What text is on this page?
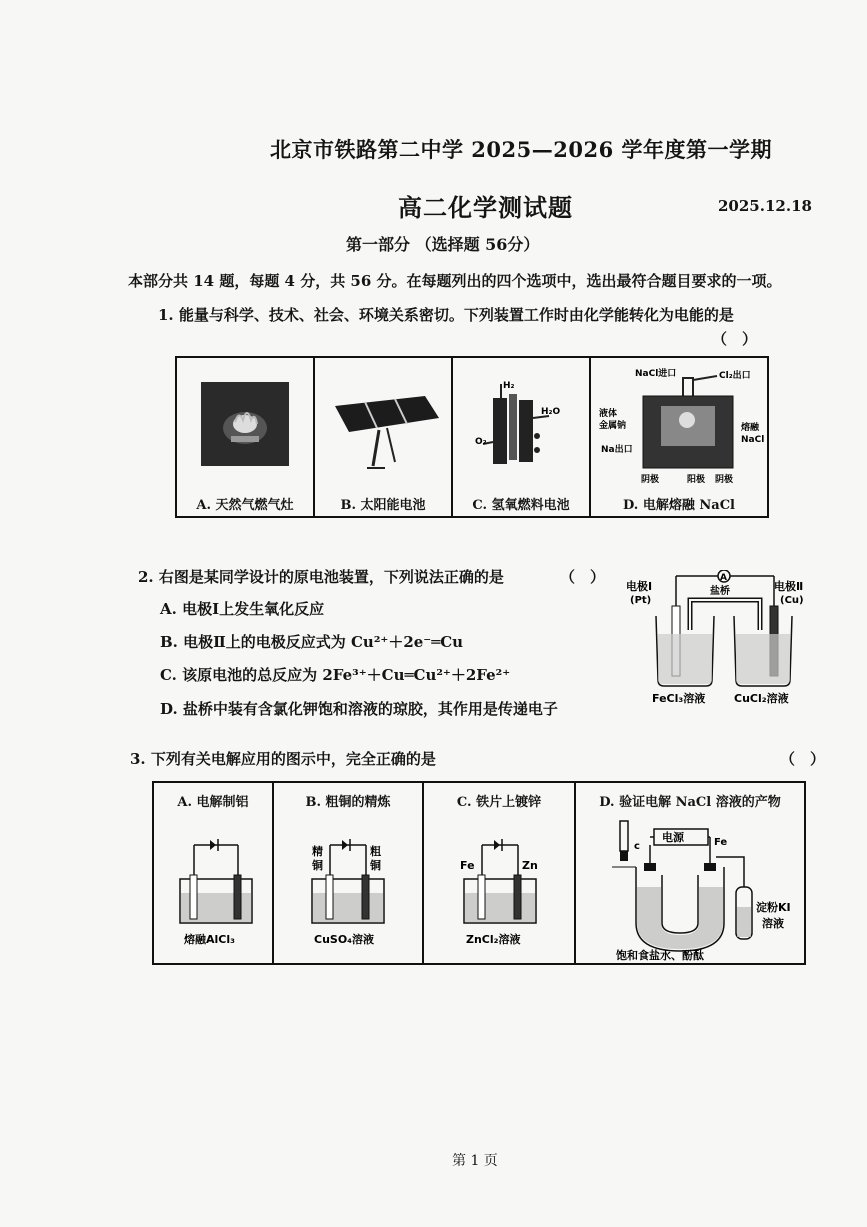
北京市铁路第二中学 2025—2026 学年度第一学期
高二化学测试题	2025.12.18
第一部分 （选择题 56分）
本部分共 14 题，每题 4 分，共 56 分。在每题列出的四个选项中，选出最符合题目要求的一项。
1. 能量与科学、技术、社会、环境关系密切。下列装置工作时由化学能转化为电能的是
（　）
A. 天然气燃气灶	B. 太阳能电池

H₂
H₂O
O₂
C. 氢氧燃料电池

NaCl进口	Cl₂出口
液体
金属钠	熔融
NaCl
Na出口
阴极	阳极 阴极
D. 电解熔融 NaCl
2. 右图是某同学设计的原电池装置，下列说法正确的是	（　）
A. 电极Ⅰ上发生氧化反应
B. 电极Ⅱ上的电极反应式为 Cu²⁺＋2e⁻═Cu
C. 该原电池的总反应为 2Fe³⁺＋Cu═Cu²⁺＋2Fe²⁺
D. 盐桥中装有含氯化钾饱和溶液的琼胶，其作用是传递电子
电极Ⅰ
(Pt)
电极Ⅱ
(Cu)
A
盐桥
FeCl₃溶液	CuCl₂溶液
3. 下列有关电解应用的图示中，完全正确的是	（　）
A. 电解制铝
熔融AlCl₃

B. 粗铜的精炼
精
铜
粗
铜
CuSO₄溶液

C. 铁片上镀锌
Fe	Zn
ZnCl₂溶液

D. 验证电解 NaCl 溶液的产物
电源
c	Fe
淀粉KI
溶液
饱和食盐水、酚酞
第 1 页
